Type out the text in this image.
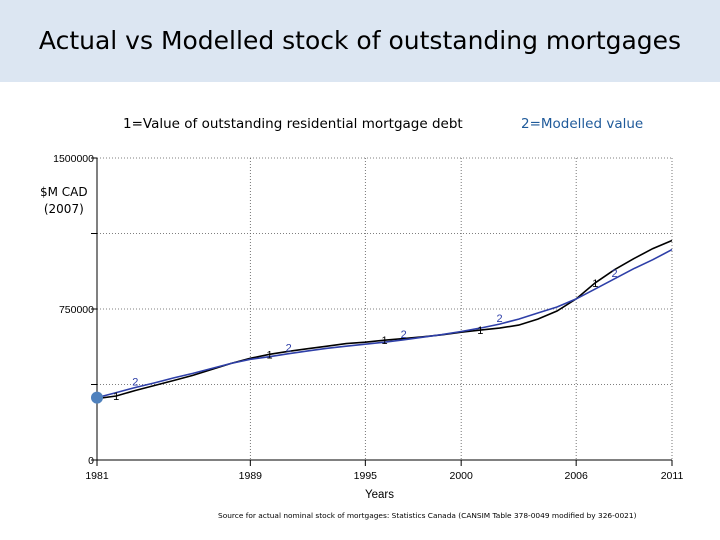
Actual vs Modelled stock of outstanding mortgages
1=Value of outstanding residential mortgage debt	2=Modelled value
$M CAD
(2007)
0
750000
1500000
1981	1989	1995	2000	2006	2011
Years
1
1
1
1
1
2
2
2
2
2
Source for actual nominal stock of mortgages: Statistics Canada (CANSIM Table 378-0049 modified by 326-0021)
